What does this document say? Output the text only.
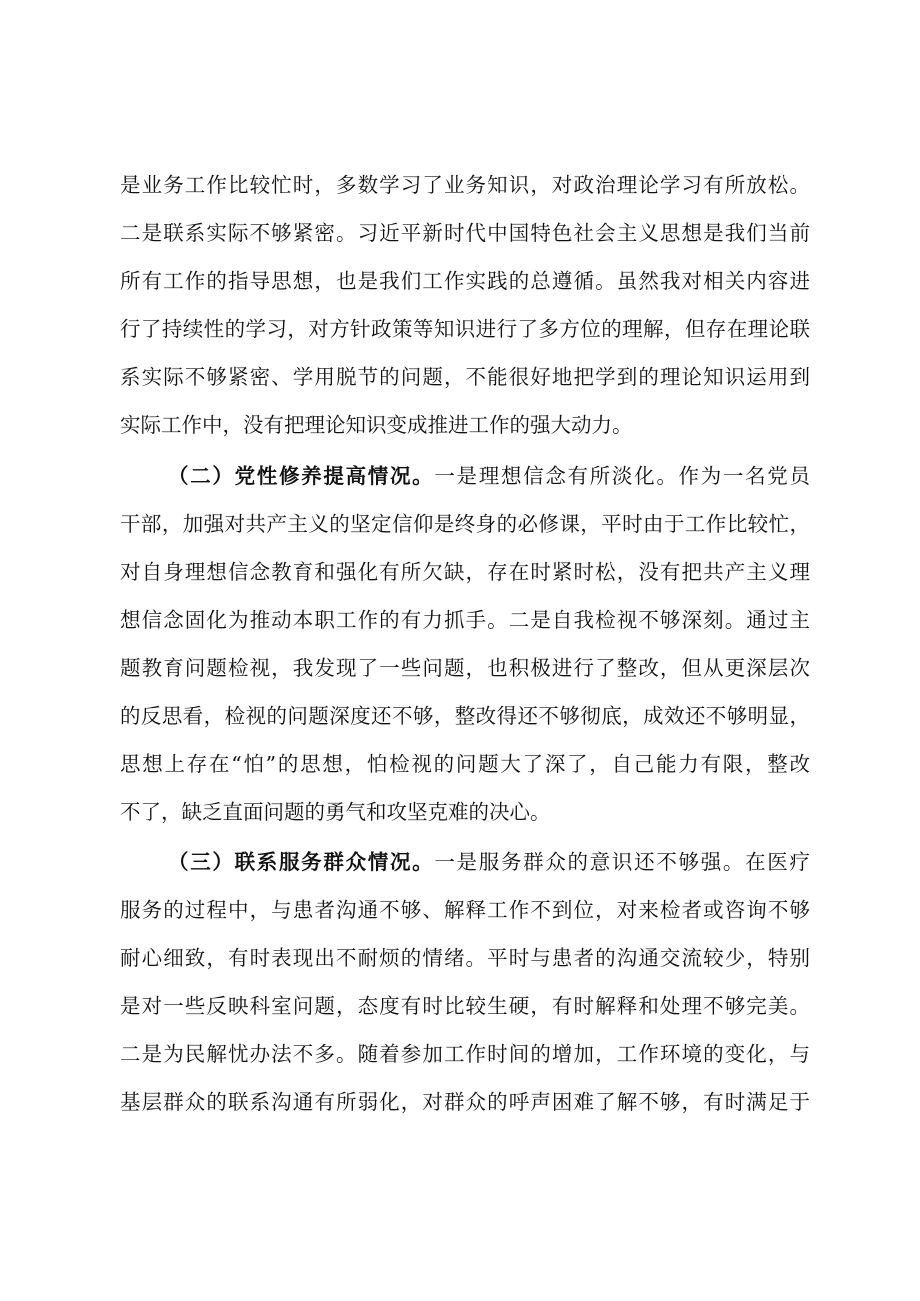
是业务工作比较忙时，多数学习了业务知识，对政治理论学习有所放松。
二是联系实际不够紧密。习近平新时代中国特色社会主义思想是我们当前
所有工作的指导思想，也是我们工作实践的总遵循。虽然我对相关内容进
行了持续性的学习，对方针政策等知识进行了多方位的理解，但存在理论联
系实际不够紧密、学用脱节的问题，不能很好地把学到的理论知识运用到
实际工作中，没有把理论知识变成推进工作的强大动力。
（二）党性修养提高情况。一是理想信念有所淡化。作为一名党员
干部，加强对共产主义的坚定信仰是终身的必修课，平时由于工作比较忙，
对自身理想信念教育和强化有所欠缺，存在时紧时松，没有把共产主义理
想信念固化为推动本职工作的有力抓手。二是自我检视不够深刻。通过主
题教育问题检视，我发现了一些问题，也积极进行了整改，但从更深层次
的反思看，检视的问题深度还不够，整改得还不够彻底，成效还不够明显，
思想上存在“怕”的思想，怕检视的问题大了深了，自己能力有限，整改
不了，缺乏直面问题的勇气和攻坚克难的决心。
（三）联系服务群众情况。一是服务群众的意识还不够强。在医疗
服务的过程中，与患者沟通不够、解释工作不到位，对来检者或咨询不够
耐心细致，有时表现出不耐烦的情绪。平时与患者的沟通交流较少，特别
是对一些反映科室问题，态度有时比较生硬，有时解释和处理不够完美。
二是为民解忧办法不多。随着参加工作时间的增加，工作环境的变化，与
基层群众的联系沟通有所弱化，对群众的呼声困难了解不够，有时满足于
